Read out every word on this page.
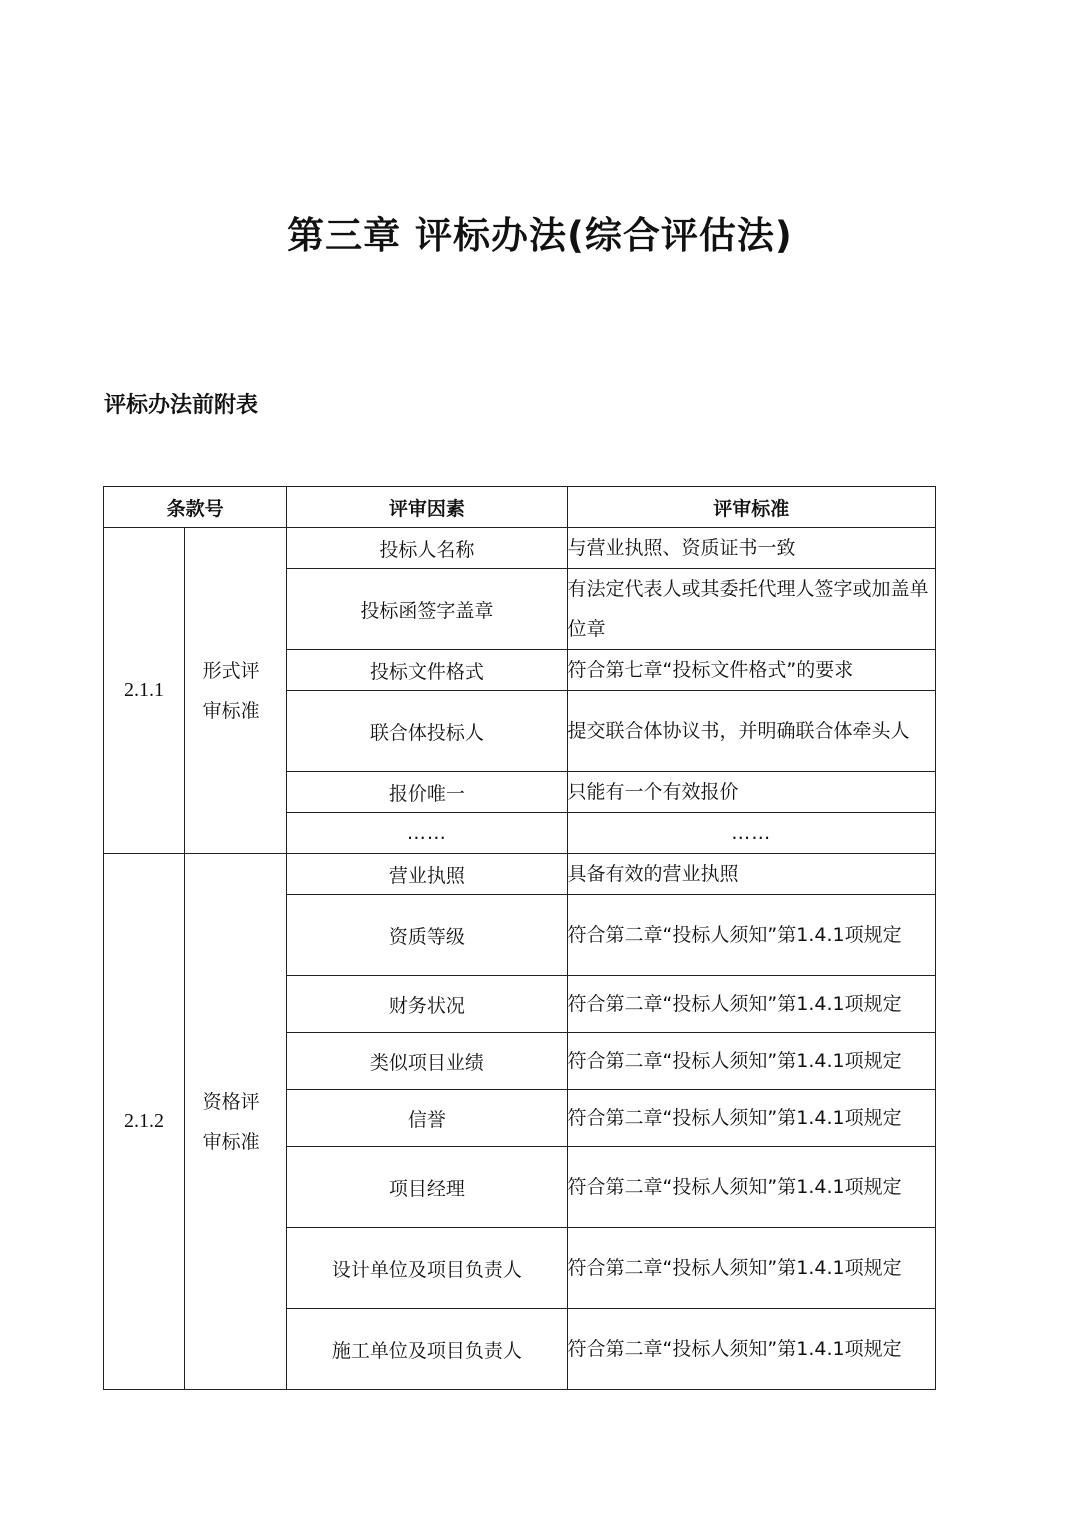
第三章 评标办法(综合评估法)
评标办法前附表
条款号		评审因素	评审标准
2.1.1	形式评审标准	投标人名称	与营业执照、资质证书一致
		投标函签字盖章	有法定代表人或其委托代理人签字或加盖单位章
		投标文件格式	符合第七章“投标文件格式”的要求
		联合体投标人	提交联合体协议书，并明确联合体牵头人
		报价唯一	只能有一个有效报价
		……	……
2.1.2	资格评审标准	营业执照	具备有效的营业执照
		资质等级	符合第二章“投标人须知”第1.4.1项规定
		财务状况	符合第二章“投标人须知”第1.4.1项规定
		类似项目业绩	符合第二章“投标人须知”第1.4.1项规定
		信誉	符合第二章“投标人须知”第1.4.1项规定
		项目经理	符合第二章“投标人须知”第1.4.1项规定
		设计单位及项目负责人	符合第二章“投标人须知”第1.4.1项规定
		施工单位及项目负责人	符合第二章“投标人须知”第1.4.1项规定
